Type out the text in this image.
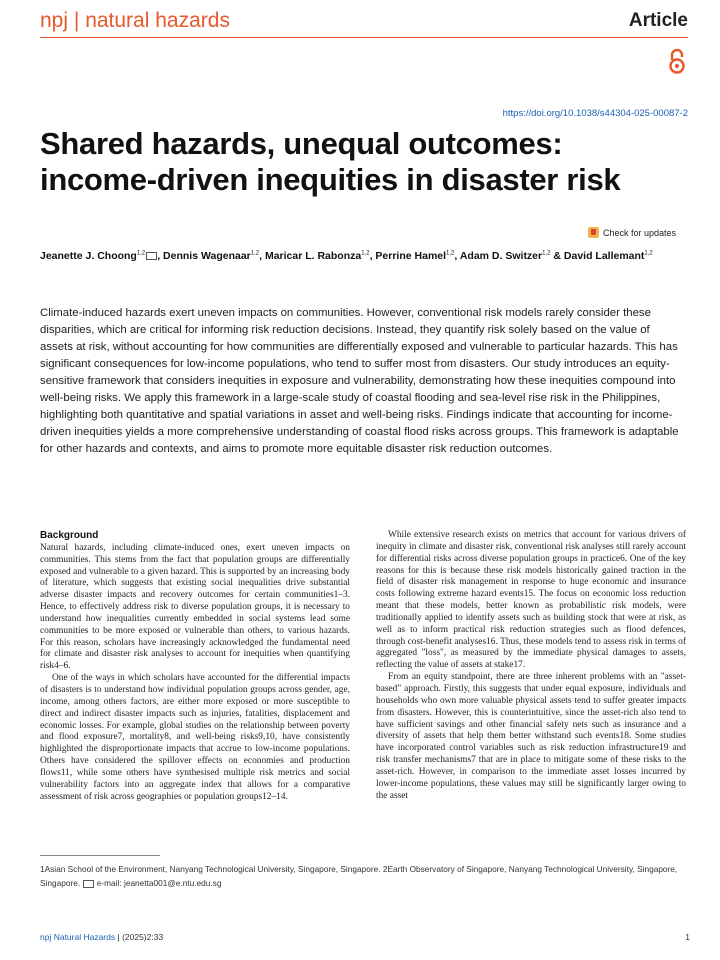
npj | natural hazards	Article
https://doi.org/10.1038/s44304-025-00087-2
Shared hazards, unequal outcomes:
income-driven inequities in disaster risk
Check for updates
Jeanette J. Choong$^{1,2}$ , Dennis Wagenaar$^{1,2}$, Maricar L. Rabonza$^{1,2}$, Perrine Hamel$^{1,2}$, Adam D. Switzer$^{1,2}$ & David Lallemant$^{1,2}$

Climate-induced hazards exert uneven impacts on communities. However, conventional risk models rarely consider these disparities, which are critical for informing risk reduction decisions. Instead, they quantify risk solely based on the value of assets at risk, without accounting for how communities are differentially exposed and vulnerable to particular hazards. This has significant consequences for low-income populations, who tend to suffer most from disasters. Our study introduces an equity-sensitive framework that considers inequities in exposure and vulnerability, demonstrating how these inequities compound into well-being risks. We apply this framework in a large-scale study of coastal flooding and sea-level rise risk in the Philippines, highlighting both quantitative and spatial variations in asset and well-being risks. Findings indicate that accounting for income-driven inequities yields a more comprehensive understanding of coastal flood risks across groups. This framework is adaptable for other hazards and contexts, and aims to promote more equitable disaster risk reduction outcomes.

Background

Natural hazards, including climate-induced ones, exert uneven impacts on communities. This stems from the fact that population groups are differentially exposed and vulnerable to a given hazard. This is supported by an increasing body of literature, which suggests that existing social inequalities drive substantial adverse disaster impacts and recovery outcomes for certain communities1–3. Hence, to effectively address risk to diverse population groups, it is necessary to understand how inequalities currently embedded in social systems lead some communities to be more exposed or vulnerable than others, to various hazards. For this reason, scholars have increasingly acknowledged the fundamental need for climate and disaster risk analyses to account for inequities when quantifying risk4–6.

One of the ways in which scholars have accounted for the differential impacts of disasters is to understand how individual population groups across gender, age, income, among others factors, are either more exposed or more susceptible to direct and indirect disaster impacts such as injuries, fatalities, displacement and economic losses. For example, global studies on the relationship between poverty and flood exposure7, mortality8, and well-being risks9,10, have consistently highlighted the disproportionate impacts that accrue to low-income populations. Others have considered the spillover effects on economies and production flows11, while some others have synthesised multiple risk metrics and social vulnerability factors into an aggregate index that allows for a comparative assessment of risk across geographies or population groups12–14.

While extensive research exists on metrics that account for various drivers of inequity in climate and disaster risk, conventional risk analyses still rarely account for differential risks across diverse population groups in practice6. One of the key reasons for this is because these risk models historically gained traction in the field of disaster risk management in response to huge economic and insurance costs following extreme hazard events15. The focus on economic loss reduction meant that these models, better known as probabilistic risk models, were traditionally applied to identify assets such as building stock that were at risk, as well as to inform practical risk reduction strategies such as flood defences, through cost-benefit analyses16. Thus, these models tend to assess risk in terms of aggregated "loss", as measured by the immediate physical damages to assets, reflecting the value of assets at stake17.

From an equity standpoint, there are three inherent problems with an "asset-based" approach. Firstly, this suggests that under equal exposure, individuals and households who own more valuable physical assets tend to suffer greater impacts from disasters. However, this is counterintuitive, since the asset-rich also tend to have sufficient savings and other financial safety nets such as insurance and a diversity of assets that help them better withstand such events18. Some studies have incorporated control variables such as risk reduction infrastructure19 and risk transfer mechanisms7 that are in place to mitigate some of these risks to the asset-rich. However, in comparison to the immediate asset losses incurred by lower-income populations, these values may still be significantly larger owing to the asset

1Asian School of the Environment, Nanyang Technological University, Singapore, Singapore. 2Earth Observatory of Singapore, Nanyang Technological University, Singapore, Singapore. e-mail: jeanetta001@e.ntu.edu.sg

npj Natural Hazards | (2025)2:33	1
